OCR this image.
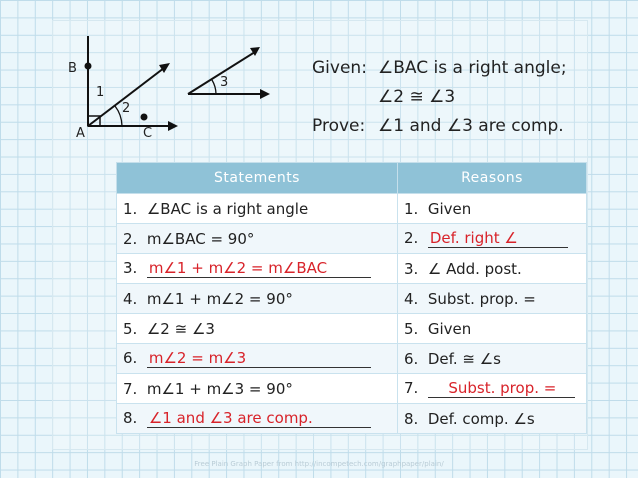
B
1
2
A	C
3
Given: ∠BAC is a right angle;
∠2 ≅ ∠3
Prove: ∠1 and ∠3 are comp.
Statements	Reasons
1. ∠BAC is a right angle	1. Given
2. m∠BAC = 90°	2. Def. right ∠
3. m∠1 + m∠2 = m∠BAC	3. ∠ Add. post.
4. m∠1 + m∠2 = 90°	4. Subst. prop. =
5. ∠2 ≅ ∠3	5. Given
6. m∠2 = m∠3	6. Def. ≅ ∠s
7. m∠1 + m∠3 = 90°	7. Subst. prop. =
8. ∠1 and ∠3 are comp.	8. Def. comp. ∠s
Free Plain Graph Paper from http://incompetech.com/graphpaper/plain/
